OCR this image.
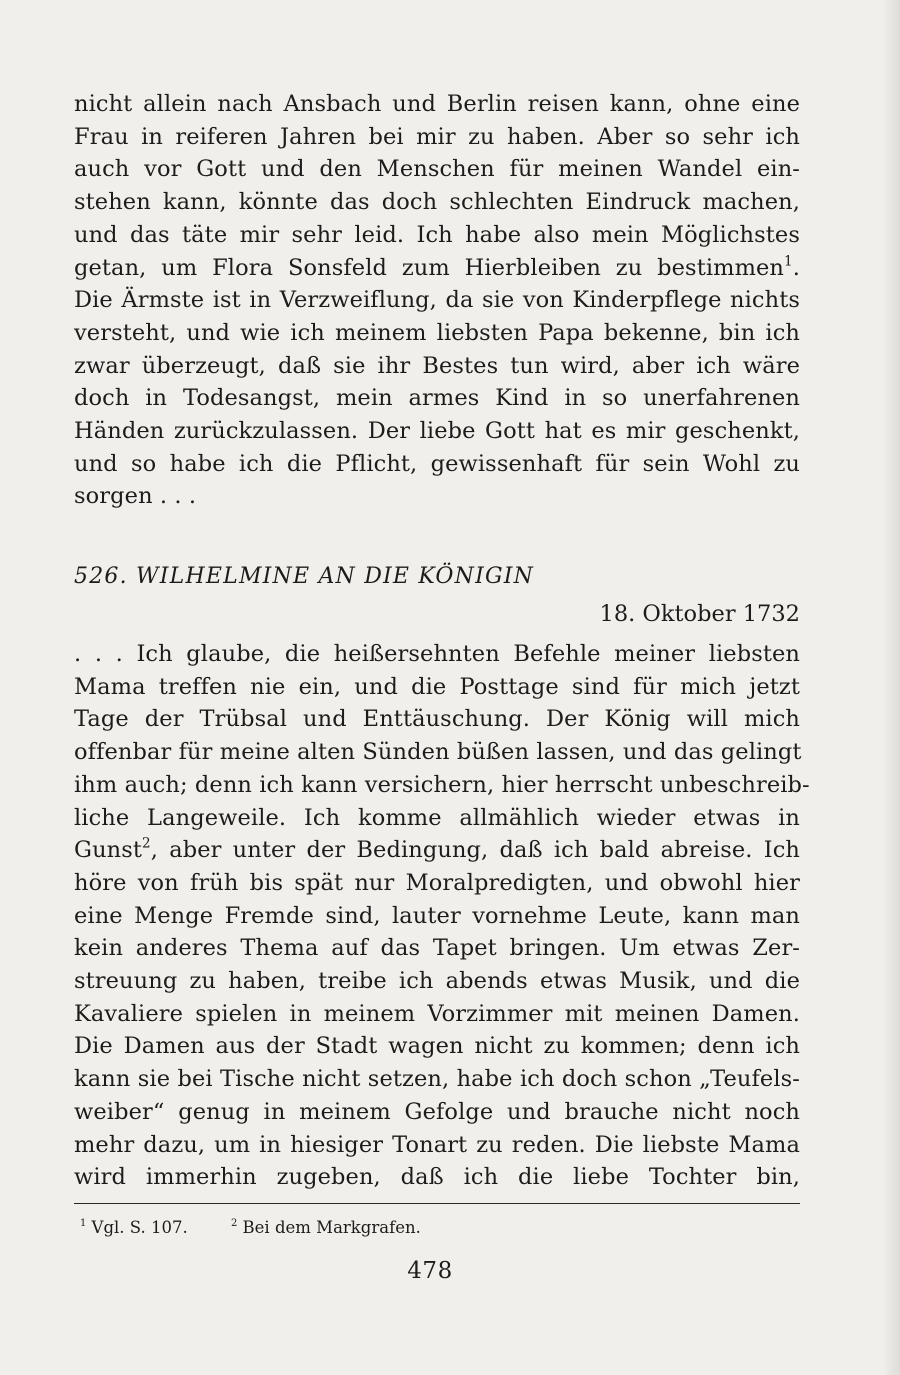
nicht allein nach Ansbach und Berlin reisen kann, ohne eine
Frau in reiferen Jahren bei mir zu haben. Aber so sehr ich
auch vor Gott und den Menschen für meinen Wandel ein-
stehen kann, könnte das doch schlechten Eindruck machen,
und das täte mir sehr leid. Ich habe also mein Möglichstes
getan, um Flora Sonsfeld zum Hierbleiben zu bestimmen$^1$.
Die Ärmste ist in Verzweiflung, da sie von Kinderpflege nichts
versteht, und wie ich meinem liebsten Papa bekenne, bin ich
zwar überzeugt, daß sie ihr Bestes tun wird, aber ich wäre
doch in Todesangst, mein armes Kind in so unerfahrenen
Händen zurückzulassen. Der liebe Gott hat es mir geschenkt,
und so habe ich die Pflicht, gewissenhaft für sein Wohl zu
sorgen . . .
526. WILHELMINE AN DIE KÖNIGIN
18. Oktober 1732
. . . Ich glaube, die heißersehnten Befehle meiner liebsten
Mama treffen nie ein, und die Posttage sind für mich jetzt
Tage der Trübsal und Enttäuschung. Der König will mich
offenbar für meine alten Sünden büßen lassen, und das gelingt
ihm auch; denn ich kann versichern, hier herrscht unbeschreib-
liche Langeweile. Ich komme allmählich wieder etwas in
Gunst$^2$, aber unter der Bedingung, daß ich bald abreise. Ich
höre von früh bis spät nur Moralpredigten, und obwohl hier
eine Menge Fremde sind, lauter vornehme Leute, kann man
kein anderes Thema auf das Tapet bringen. Um etwas Zer-
streuung zu haben, treibe ich abends etwas Musik, und die
Kavaliere spielen in meinem Vorzimmer mit meinen Damen.
Die Damen aus der Stadt wagen nicht zu kommen; denn ich
kann sie bei Tische nicht setzen, habe ich doch schon „Teufels-
weiber“ genug in meinem Gefolge und brauche nicht noch
mehr dazu, um in hiesiger Tonart zu reden. Die liebste Mama
wird immerhin zugeben, daß ich die liebe Tochter bin,
$^1$ Vgl. S. 107.	$^2$ Bei dem Markgrafen.
478
